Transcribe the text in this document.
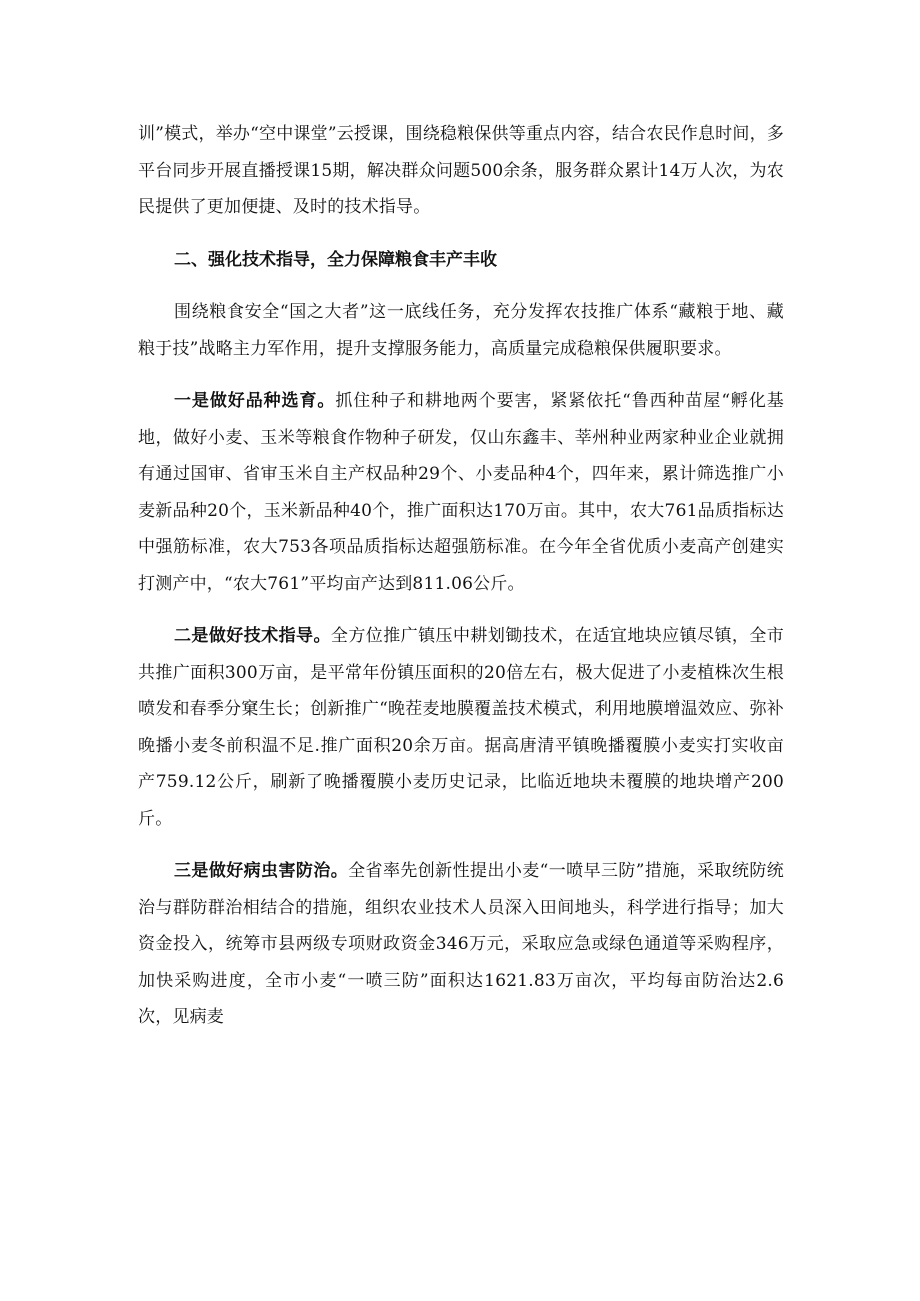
训”模式，举办“空中课堂”云授课，围绕稳粮保供等重点内容，结合农民作息时间，多平台同步开展直播授课15期，解决群众问题500余条，服务群众累计14万人次，为农民提供了更加便捷、及时的技术指导。

二、强化技术指导，全力保障粮食丰产丰收

围绕粮食安全“国之大者”这一底线任务，充分发挥农技推广体系“藏粮于地、藏粮于技”战略主力军作用，提升支撑服务能力，高质量完成稳粮保供履职要求。

一是做好品种选育。抓住种子和耕地两个要害，紧紧依托“鲁西种苗屋“孵化基地，做好小麦、玉米等粮食作物种子研发，仅山东鑫丰、莘州种业两家种业企业就拥有通过国审、省审玉米自主产权品种29个、小麦品种4个，四年来，累计筛选推广小麦新品种20个，玉米新品种40个，推广面积达170万亩。其中，农大761品质指标达中强筋标准，农大753各项品质指标达超强筋标准。在今年全省优质小麦高产创建实打测产中，“农大761”平均亩产达到811.06公斤。

二是做好技术指导。全方位推广镇压中耕划锄技术，在适宜地块应镇尽镇，全市共推广面积300万亩，是平常年份镇压面积的20倍左右，极大促进了小麦植株次生根喷发和春季分窠生长；创新推广“晚茬麦地膜覆盖技术模式，利用地膜增温效应、弥补晚播小麦冬前积温不足.推广面积20余万亩。据高唐清平镇晚播覆膜小麦实打实收亩产759.12公斤，刷新了晚播覆膜小麦历史记录，比临近地块未覆膜的地块增产200斤。

三是做好病虫害防治。全省率先创新性提出小麦“一喷早三防”措施，采取统防统治与群防群治相结合的措施，组织农业技术人员深入田间地头，科学进行指导；加大资金投入，统筹市县两级专项财政资金346万元，采取应急或绿色通道等采购程序，加快采购进度，全市小麦“一喷三防”面积达1621.83万亩次，平均每亩防治达2.6次，见病麦
